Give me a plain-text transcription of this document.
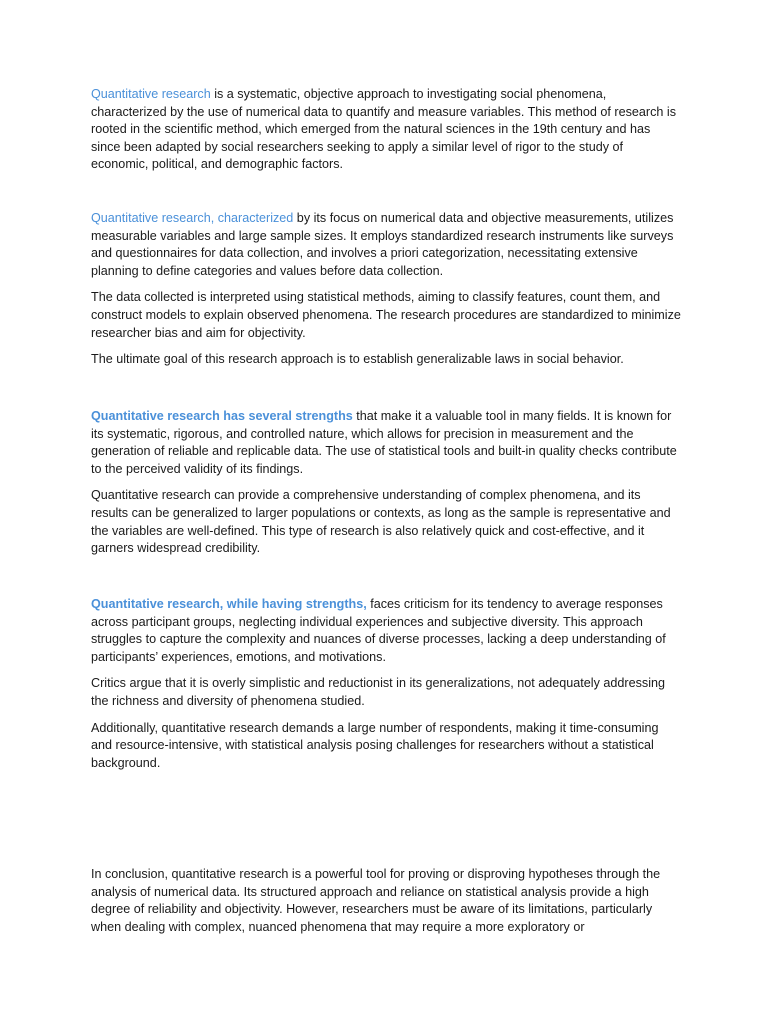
Quantitative research is a systematic, objective approach to investigating social phenomena, characterized by the use of numerical data to quantify and measure variables. This method of research is rooted in the scientific method, which emerged from the natural sciences in the 19th century and has since been adapted by social researchers seeking to apply a similar level of rigor to the study of economic, political, and demographic factors.

Quantitative research, characterized by its focus on numerical data and objective measurements, utilizes measurable variables and large sample sizes. It employs standardized research instruments like surveys and questionnaires for data collection, and involves a priori categorization, necessitating extensive planning to define categories and values before data collection.

The data collected is interpreted using statistical methods, aiming to classify features, count them, and construct models to explain observed phenomena. The research procedures are standardized to minimize researcher bias and aim for objectivity.

The ultimate goal of this research approach is to establish generalizable laws in social behavior.

Quantitative research has several strengths that make it a valuable tool in many fields. It is known for its systematic, rigorous, and controlled nature, which allows for precision in measurement and the generation of reliable and replicable data. The use of statistical tools and built-in quality checks contribute to the perceived validity of its findings.

Quantitative research can provide a comprehensive understanding of complex phenomena, and its results can be generalized to larger populations or contexts, as long as the sample is representative and the variables are well-defined. This type of research is also relatively quick and cost-effective, and it garners widespread credibility.

Quantitative research, while having strengths, faces criticism for its tendency to average responses across participant groups, neglecting individual experiences and subjective diversity. This approach struggles to capture the complexity and nuances of diverse processes, lacking a deep understanding of participants’ experiences, emotions, and motivations.

Critics argue that it is overly simplistic and reductionist in its generalizations, not adequately addressing the richness and diversity of phenomena studied.

Additionally, quantitative research demands a large number of respondents, making it time-consuming and resource-intensive, with statistical analysis posing challenges for researchers without a statistical background.

In conclusion, quantitative research is a powerful tool for proving or disproving hypotheses through the analysis of numerical data. Its structured approach and reliance on statistical analysis provide a high degree of reliability and objectivity. However, researchers must be aware of its limitations, particularly when dealing with complex, nuanced phenomena that may require a more exploratory or
